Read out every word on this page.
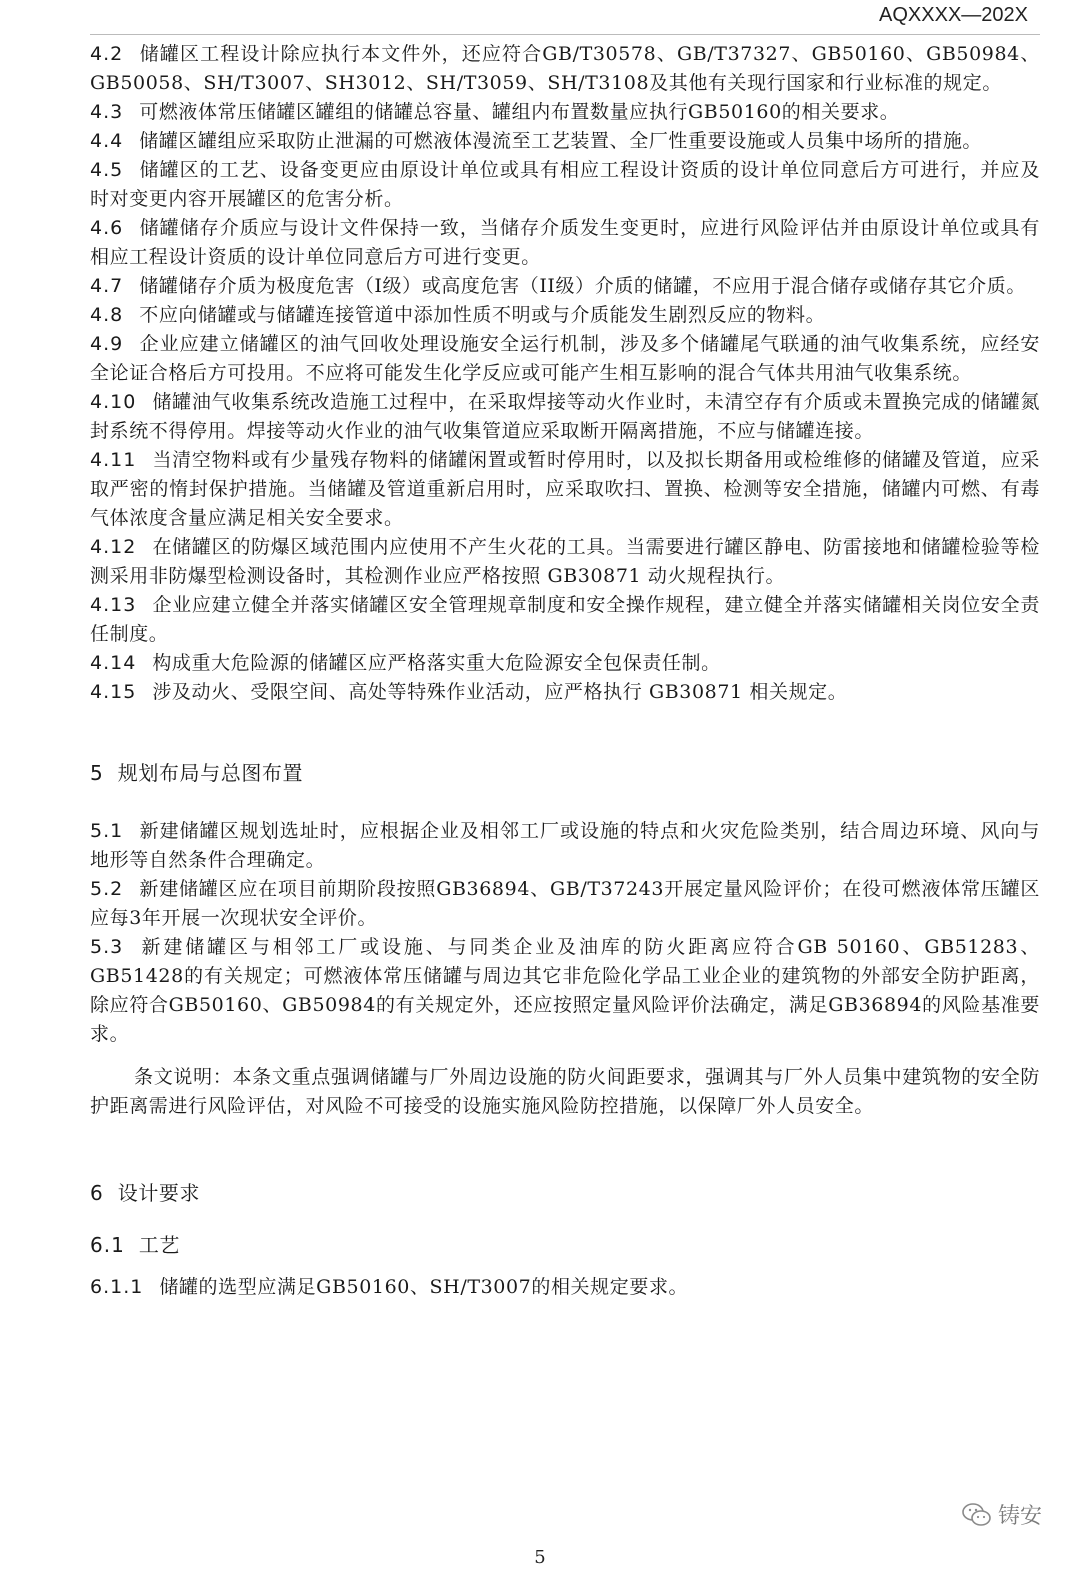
AQXXXX—202X

4.2 储罐区工程设计除应执行本文件外，还应符合GB/T30578、GB/T37327、GB50160、GB50984、GB50058、SH/T3007、SH3012、SH/T3059、SH/T3108及其他有关现行国家和行业标准的规定。

4.3 可燃液体常压储罐区罐组的储罐总容量、罐组内布置数量应执行GB50160的相关要求。

4.4 储罐区罐组应采取防止泄漏的可燃液体漫流至工艺装置、全厂性重要设施或人员集中场所的措施。

4.5 储罐区的工艺、设备变更应由原设计单位或具有相应工程设计资质的设计单位同意后方可进行，并应及时对变更内容开展罐区的危害分析。

4.6 储罐储存介质应与设计文件保持一致，当储存介质发生变更时，应进行风险评估并由原设计单位或具有相应工程设计资质的设计单位同意后方可进行变更。

4.7 储罐储存介质为极度危害（I级）或高度危害（II级）介质的储罐，不应用于混合储存或储存其它介质。

4.8 不应向储罐或与储罐连接管道中添加性质不明或与介质能发生剧烈反应的物料。

4.9 企业应建立储罐区的油气回收处理设施安全运行机制，涉及多个储罐尾气联通的油气收集系统，应经安全论证合格后方可投用。不应将可能发生化学反应或可能产生相互影响的混合气体共用油气收集系统。

4.10 储罐油气收集系统改造施工过程中，在采取焊接等动火作业时，未清空存有介质或未置换完成的储罐氮封系统不得停用。焊接等动火作业的油气收集管道应采取断开隔离措施，不应与储罐连接。

4.11 当清空物料或有少量残存物料的储罐闲置或暂时停用时，以及拟长期备用或检维修的储罐及管道，应采取严密的惰封保护措施。当储罐及管道重新启用时，应采取吹扫、置换、检测等安全措施，储罐内可燃、有毒气体浓度含量应满足相关安全要求。

4.12 在储罐区的防爆区域范围内应使用不产生火花的工具。当需要进行罐区静电、防雷接地和储罐检验等检测采用非防爆型检测设备时，其检测作业应严格按照 GB30871 动火规程执行。

4.13 企业应建立健全并落实储罐区安全管理规章制度和安全操作规程，建立健全并落实储罐相关岗位安全责任制度。

4.14 构成重大危险源的储罐区应严格落实重大危险源安全包保责任制。

4.15 涉及动火、受限空间、高处等特殊作业活动，应严格执行 GB30871 相关规定。

5 规划布局与总图布置

5.1 新建储罐区规划选址时，应根据企业及相邻工厂或设施的特点和火灾危险类别，结合周边环境、风向与地形等自然条件合理确定。

5.2 新建储罐区应在项目前期阶段按照GB36894、GB/T37243开展定量风险评价；在役可燃液体常压罐区应每3年开展一次现状安全评价。

5.3 新建储罐区与相邻工厂或设施、与同类企业及油库的防火距离应符合GB 50160、GB51283、GB51428的有关规定；可燃液体常压储罐与周边其它非危险化学品工业企业的建筑物的外部安全防护距离，除应符合GB50160、GB50984的有关规定外，还应按照定量风险评价法确定，满足GB36894的风险基准要求。

条文说明：本条文重点强调储罐与厂外周边设施的防火间距要求，强调其与厂外人员集中建筑物的安全防护距离需进行风险评估，对风险不可接受的设施实施风险防控措施，以保障厂外人员安全。

6 设计要求
6.1 工艺

6.1.1 储罐的选型应满足GB50160、SH/T3007的相关规定要求。

铸安
5
